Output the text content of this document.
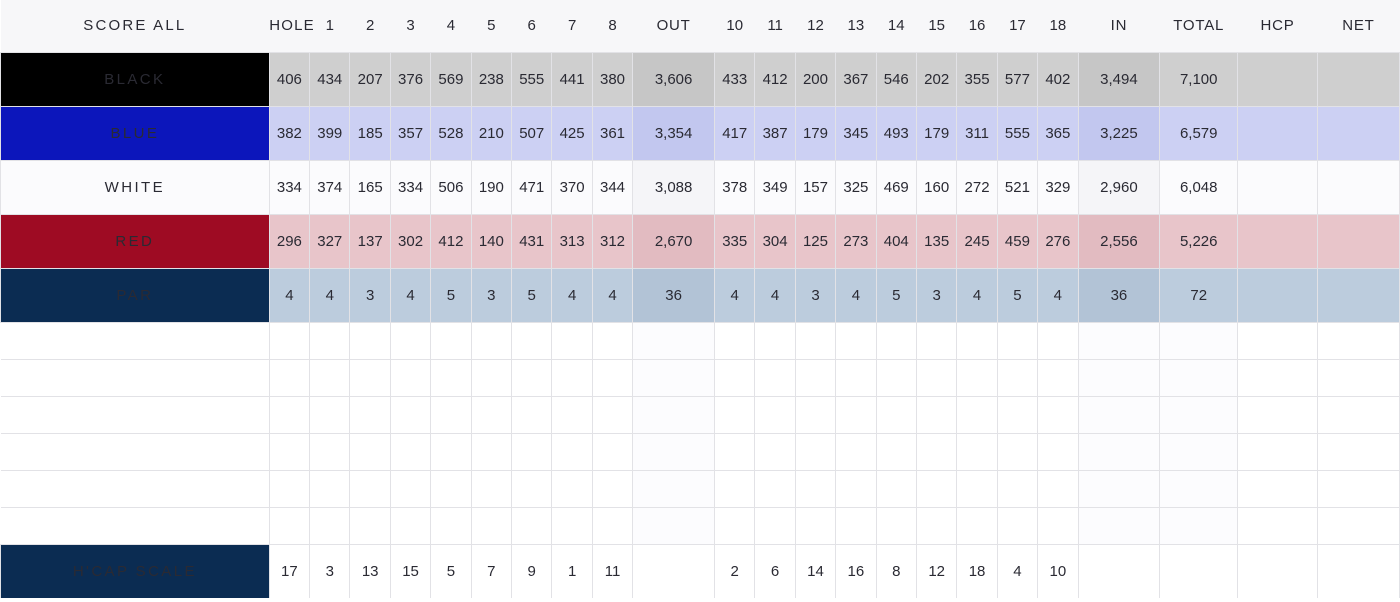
SCORE ALL	HOLE	1	2	3	4	5	6	7	8	OUT	10	11	12	13	14	15	16	17	18	IN	TOTAL	HCP	NET
BLACK	406	434	207	376	569	238	555	441	380	3,606	433	412	200	367	546	202	355	577	402	3,494	7,100		
BLUE	382	399	185	357	528	210	507	425	361	3,354	417	387	179	345	493	179	311	555	365	3,225	6,579		
WHITE	334	374	165	334	506	190	471	370	344	3,088	378	349	157	325	469	160	272	521	329	2,960	6,048		
RED	296	327	137	302	412	140	431	313	312	2,670	335	304	125	273	404	135	245	459	276	2,556	5,226		
PAR	4	4	3	4	5	3	5	4	4	36	4	4	3	4	5	3	4	5	4	36	72		

H'CAP SCALE	17	3	13	15	5	7	9	1	11		2	6	14	16	8	12	18	4	10				
